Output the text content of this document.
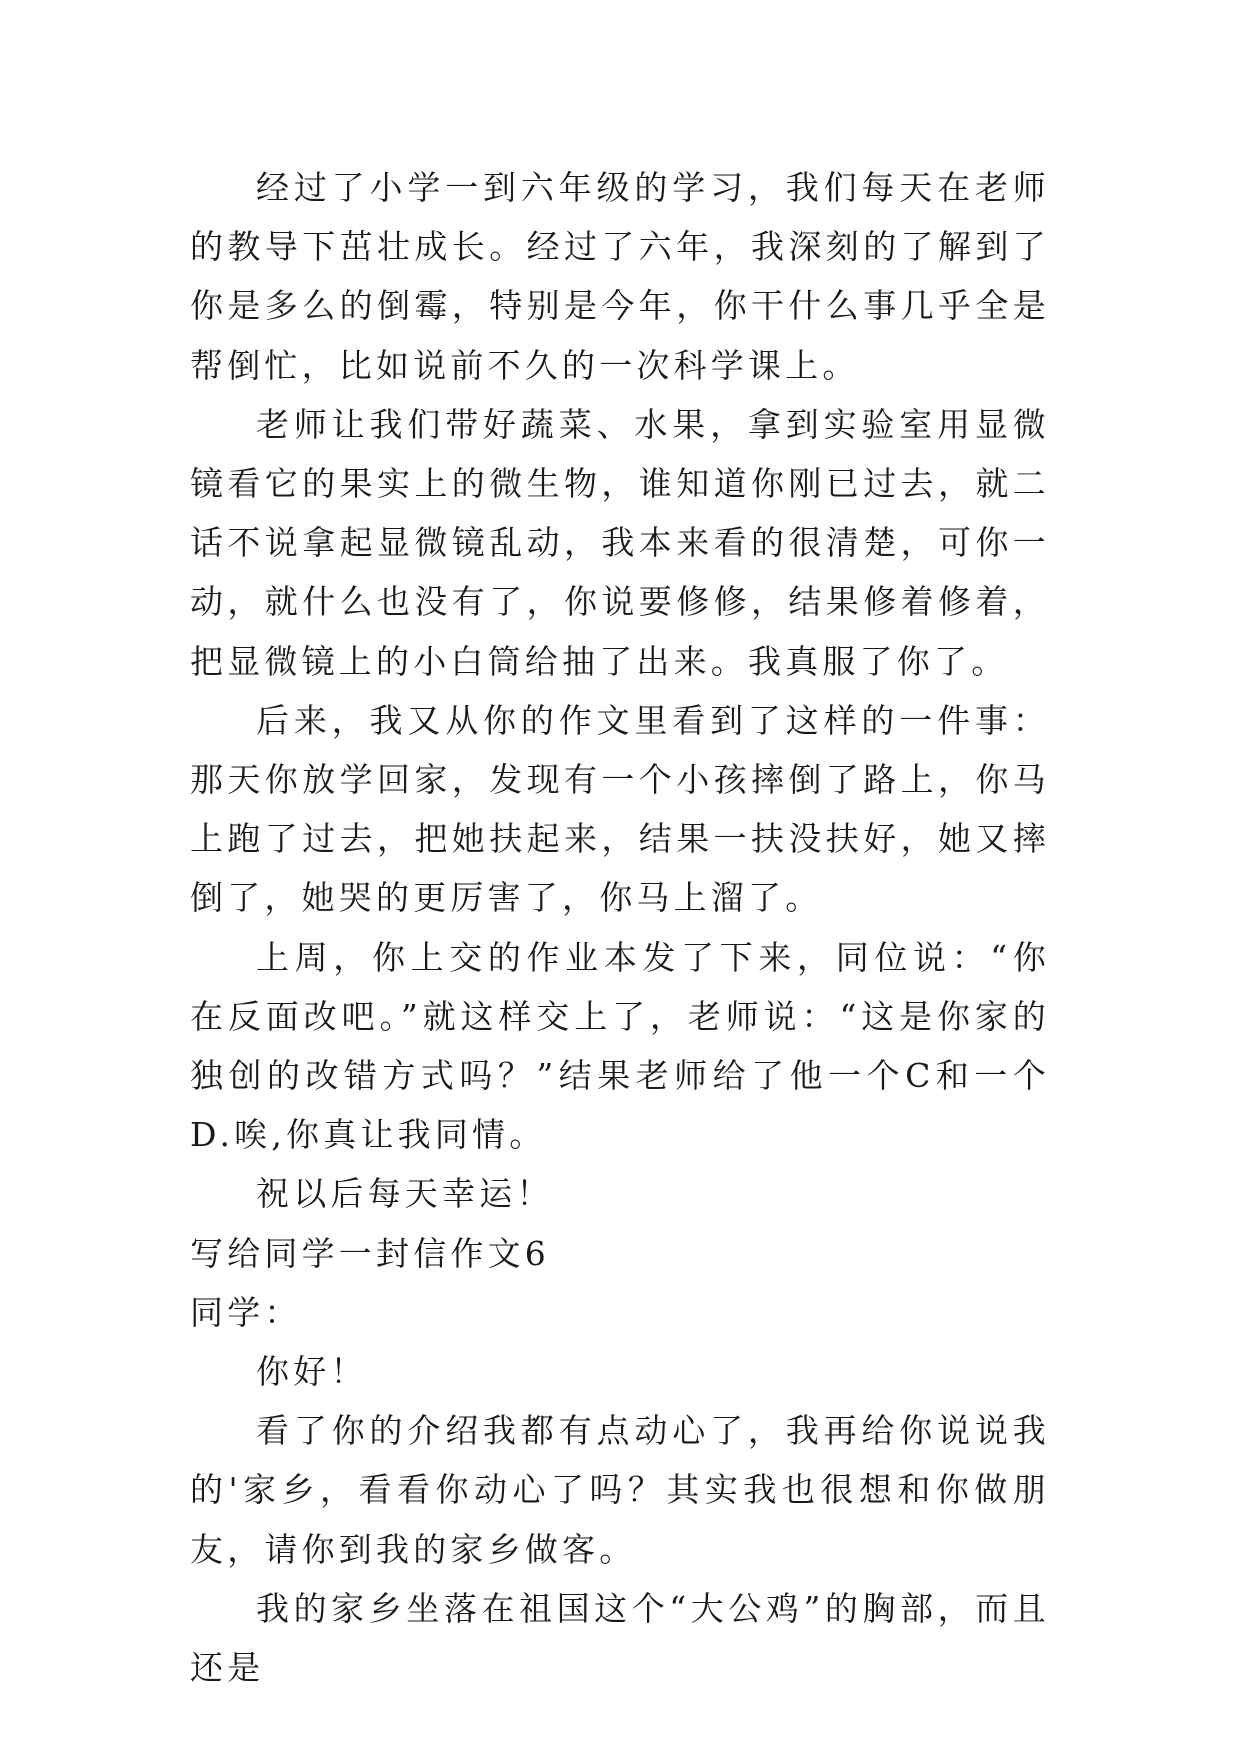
经过了小学一到六年级的学习，我们每天在老师的教导下茁壮成长。经过了六年，我深刻的了解到了你是多么的倒霉，特别是今年，你干什么事几乎全是帮倒忙，比如说前不久的一次科学课上。

老师让我们带好蔬菜、水果，拿到实验室用显微镜看它的果实上的微生物，谁知道你刚已过去，就二话不说拿起显微镜乱动，我本来看的很清楚，可你一动，就什么也没有了，你说要修修，结果修着修着，把显微镜上的小白筒给抽了出来。我真服了你了。

后来，我又从你的作文里看到了这样的一件事：那天你放学回家，发现有一个小孩摔倒了路上，你马上跑了过去，把她扶起来，结果一扶没扶好，她又摔倒了，她哭的更厉害了，你马上溜了。

上周，你上交的作业本发了下来，同位说：“你在反面改吧。”就这样交上了，老师说：“这是你家的独创的改错方式吗？”结果老师给了他一个C和一个D.唉,你真让我同情。

祝以后每天幸运！

写给同学一封信作文6

同学：

你好！

看了你的介绍我都有点动心了，我再给你说说我的'家乡，看看你动心了吗？其实我也很想和你做朋友，请你到我的家乡做客。

我的家乡坐落在祖国这个“大公鸡”的胸部，而且还是
